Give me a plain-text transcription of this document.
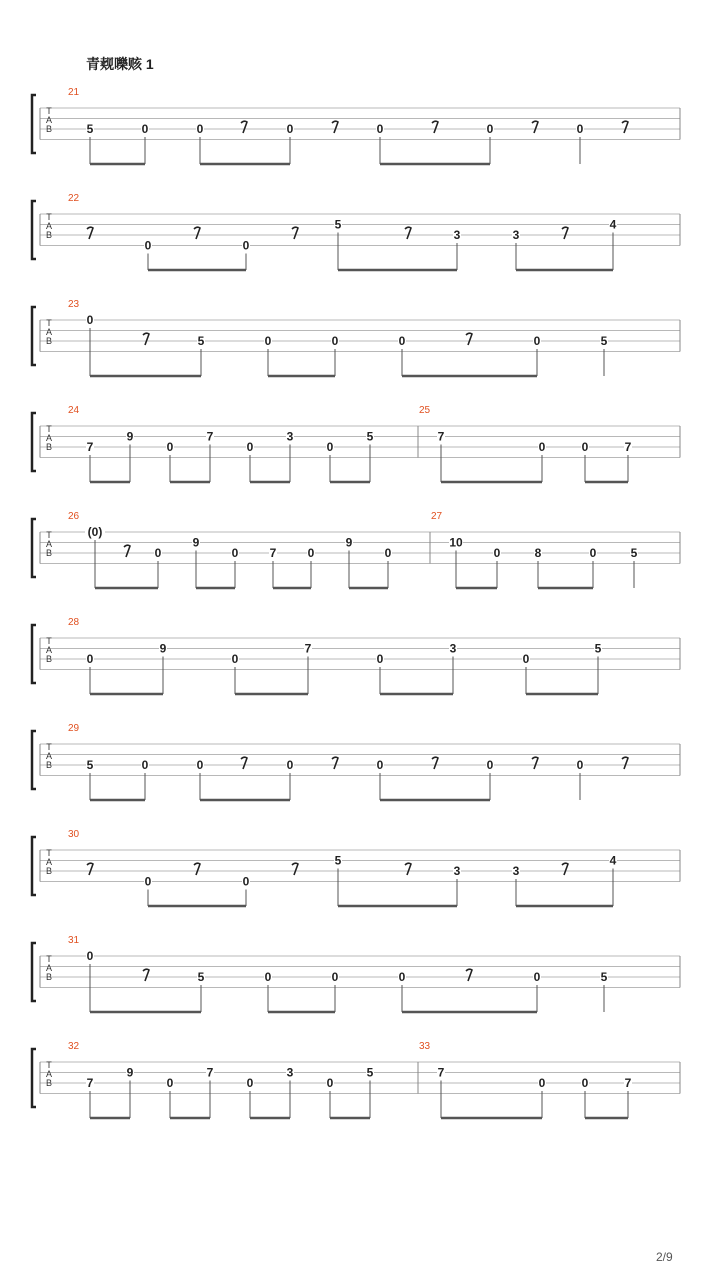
青觌嚛赅 1
T
A
B
21
5	0	0	0	0	0	0
T
A
B
22
0	0
5
3	3
4
T
A
B
23
0
5	0	0	0	0	5
T
A
B
24
7
9
0
7
0
3
0
5
25
7
0	0	7
T
A
B
26
(0)
0
9
0	7	0
9
0
27
10
0	8	0	5
T
A
B
28
0
9
0
7
0
3
0
5
T
A
B
29
5	0	0	0	0	0	0
T
A
B
30
0	0
5
3	3
4
T
A
B
31
0
5	0	0	0	0	5
T
A
B
32
7
9
0
7
0
3
0
5
33
7
0	0	7
2/9
